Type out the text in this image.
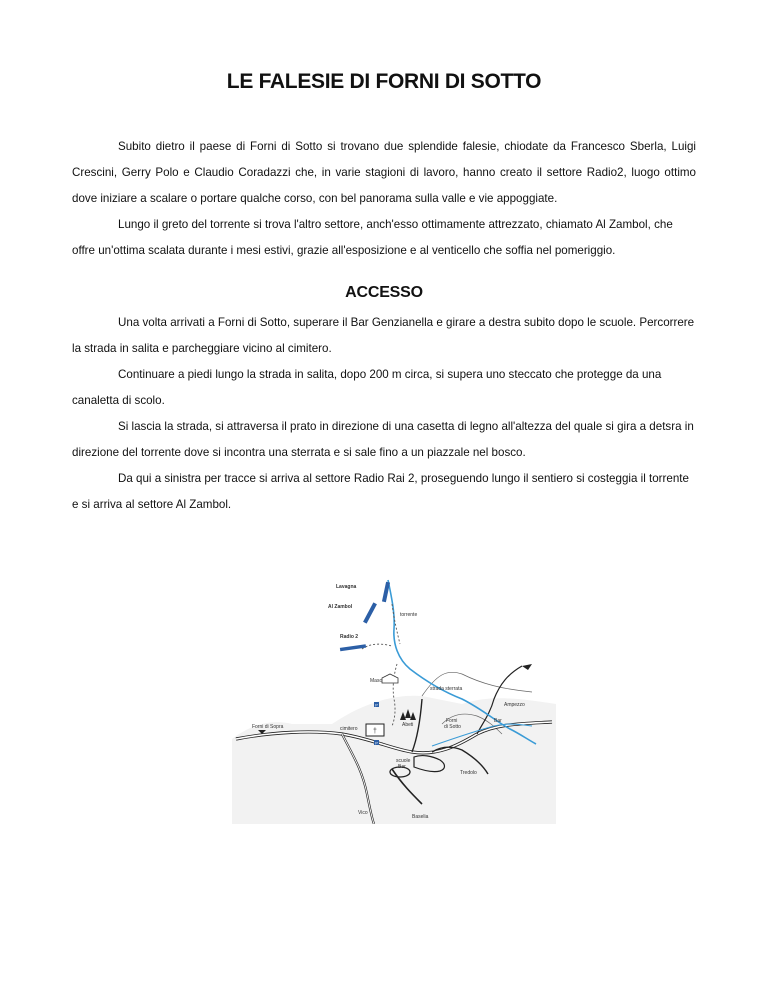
LE FALESIE DI FORNI DI SOTTO

Subito dietro il paese di Forni di Sotto si trovano due splendide falesie, chiodate da Francesco Sberla, Luigi Crescini, Gerry Polo e Claudio Coradazzi che, in varie stagioni di lavoro, hanno creato il settore Radio2, luogo ottimo dove iniziare a scalare o portare qualche corso, con bel panorama sulla valle e vie appoggiate.

Lungo il greto del torrente si trova l'altro settore, anch'esso ottimamente attrezzato, chiamato Al Zambol, che offre un'ottima scalata durante i mesi estivi, grazie all'esposizione e al venticello che soffia nel pomeriggio.

ACCESSO

Una volta arrivati a Forni di Sotto, superare il Bar Genzianella e girare a destra subito dopo le scuole. Percorrere la strada in salita e parcheggiare vicino al cimitero.

Continuare a piedi lungo la strada in salita, dopo 200 m circa, si supera uno steccato che protegge da una canaletta di scolo.

Si lascia la strada, si attraversa il prato in direzione di una casetta di legno all'altezza del quale si gira a detsra in direzione del torrente dove si incontra una sterrata e si sale fino a un piazzale nel bosco.

Da qui a sinistra per tracce si arriva al settore Radio Rai 2, proseguendo lungo il sentiero si costeggia il torrente e si arriva al settore Al Zambol.

†
P
P
Lavagna
Al Zambol
Radio 2
torrente
Maso
strada sterrata
Ampezzo
Forni di Sopra	cimitero
Abeti
Forni
di Sotto
scuole
Bar
Bar
Tredolo
Vico
Baselia
